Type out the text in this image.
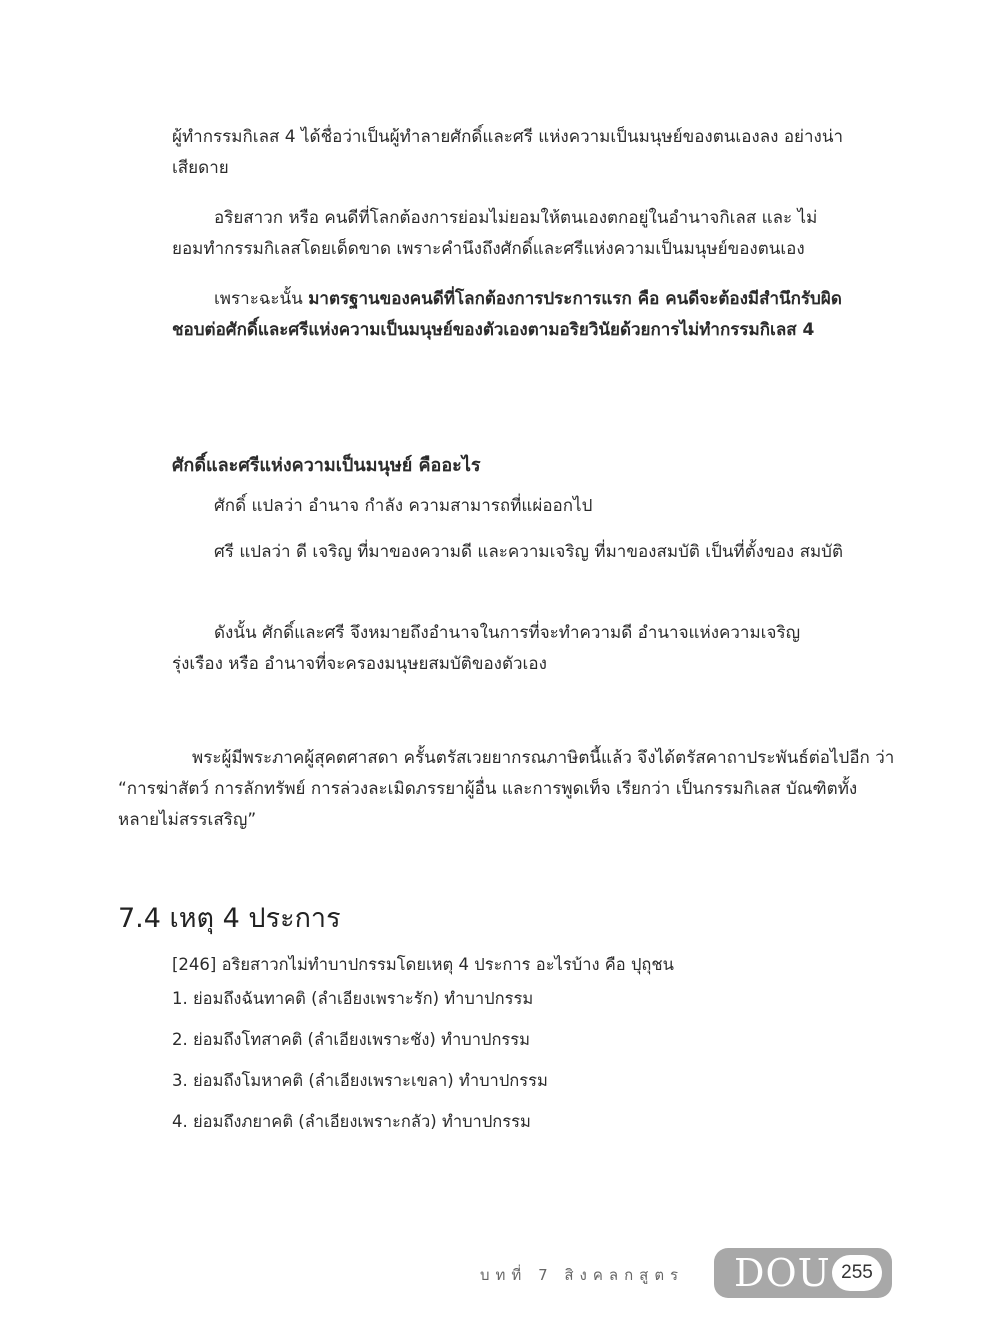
ผู้ทำกรรมกิเลส 4 ได้ชื่อว่าเป็นผู้ทำลายศักดิ์และศรี แห่งความเป็นมนุษย์ของตนเองลง อย่างน่าเสียดาย

อริยสาวก หรือ คนดีที่โลกต้องการย่อมไม่ยอมให้ตนเองตกอยู่ในอำนาจกิเลส และ ไม่ยอมทำกรรมกิเลสโดยเด็ดขาด เพราะคำนึงถึงศักดิ์และศรีแห่งความเป็นมนุษย์ของตนเอง

เพราะฉะนั้น มาตรฐานของคนดีที่โลกต้องการประการแรก คือ คนดีจะต้องมีสำนึกรับผิดชอบต่อศักดิ์และศรีแห่งความเป็นมนุษย์ของตัวเองตามอริยวินัยด้วยการไม่ทำกรรมกิเลส 4

ศักดิ์และศรีแห่งความเป็นมนุษย์ คืออะไร

ศักดิ์ แปลว่า อำนาจ กำลัง ความสามารถที่แผ่ออกไป

ศรี แปลว่า ดี เจริญ ที่มาของความดี และความเจริญ ที่มาของสมบัติ เป็นที่ตั้งของ สมบัติ

ดังนั้น ศักดิ์และศรี จึงหมายถึงอำนาจในการที่จะทำความดี อำนาจแห่งความเจริญ รุ่งเรือง หรือ อำนาจที่จะครองมนุษยสมบัติของตัวเอง

พระผู้มีพระภาคผู้สุคตศาสดา ครั้นตรัสเวยยากรณภาษิตนี้แล้ว จึงได้ตรัสคาถาประพันธ์ต่อไปอีก ว่า “การฆ่าสัตว์ การลักทรัพย์ การล่วงละเมิดภรรยาผู้อื่น และการพูดเท็จ เรียกว่า เป็นกรรมกิเลส บัณฑิตทั้งหลายไม่สรรเสริญ”

7.4 เหตุ 4 ประการ

[246] อริยสาวกไม่ทำบาปกรรมโดยเหตุ 4 ประการ อะไรบ้าง คือ ปุถุชน

1. ย่อมถึงฉันทาคติ (ลำเอียงเพราะรัก) ทำบาปกรรม

2. ย่อมถึงโทสาคติ (ลำเอียงเพราะชัง) ทำบาปกรรม

3. ย่อมถึงโมหาคติ (ลำเอียงเพราะเขลา) ทำบาปกรรม

4. ย่อมถึงภยาคติ (ลำเอียงเพราะกลัว) ทำบาปกรรม

บทที่ 7 สิงคลกสูตร DOU 255
